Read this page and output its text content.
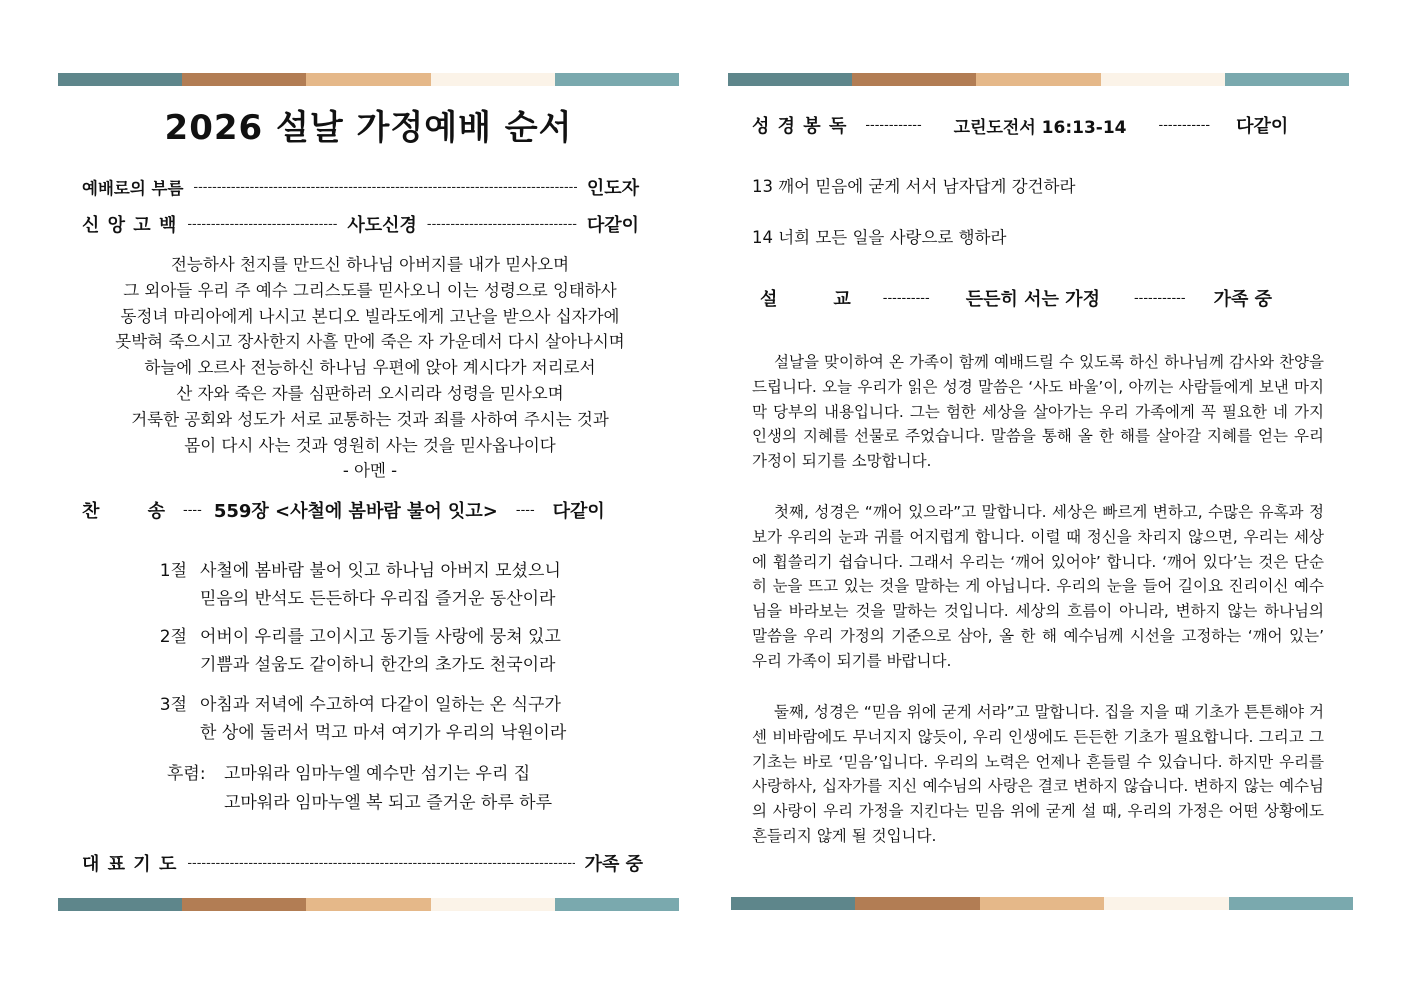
2026 설날 가정예배 순서
예배로의 부름 -----	인도자
신 앙 고 백 -----	사도신경 -----	다같이
전능하사 천지를 만드신 하나님 아버지를 내가 믿사오며
그 외아들 우리 주 예수 그리스도를 믿사오니 이는 성령으로 잉태하사
동정녀 마리아에게 나시고 본디오 빌라도에게 고난을 받으사 십자가에
못박혀 죽으시고 장사한지 사흘 만에 죽은 자 가운데서 다시 살아나시며
하늘에 오르사 전능하신 하나님 우편에 앉아 계시다가 저리로서
산 자와 죽은 자를 심판하러 오시리라 성령을 믿사오며
거룩한 공회와 성도가 서로 교통하는 것과 죄를 사하여 주시는 것과
몸이 다시 사는 것과 영원히 사는 것을 믿사옵나이다
- 아멘 -
찬 송 ---- 559장 <사철에 봄바람 불어 잇고> ---- 다같이
1절 사철에 봄바람 불어 잇고 하나님 아버지 모셨으니
믿음의 반석도 든든하다 우리집 즐거운 동산이라
2절 어버이 우리를 고이시고 동기들 사랑에 뭉쳐 있고
기쁨과 설움도 같이하니 한간의 초가도 천국이라
3절 아침과 저녁에 수고하여 다같이 일하는 온 식구가
한 상에 둘러서 먹고 마셔 여기가 우리의 낙원이라
후렴: 고마워라 임마누엘 예수만 섬기는 우리 집
고마워라 임마누엘 복 되고 즐거운 하루 하루
대 표 기 도 -----	가족 중
성 경 봉 독 ------------ 고린도전서 16:13-14 ----------- 다같이
13 깨어 믿음에 굳게 서서 남자답게 강건하라
14 너희 모든 일을 사랑으로 행하라
설	교 ---------- 든든히 서는 가정	----------- 가족 중

설날을 맞이하여 온 가족이 함께 예배드릴 수 있도록 하신 하나님께 감사와 찬양을 드립니다. 오늘 우리가 읽은 성경 말씀은 ‘사도 바울’이, 아끼는 사람들에게 보낸 마지막 당부의 내용입니다. 그는 험한 세상을 살아가는 우리 가족에게 꼭 필요한 네 가지 인생의 지혜를 선물로 주었습니다. 말씀을 통해 올 한 해를 살아갈 지혜를 얻는 우리 가정이 되기를 소망합니다.

첫째, 성경은 “깨어 있으라”고 말합니다. 세상은 빠르게 변하고, 수많은 유혹과 정보가 우리의 눈과 귀를 어지럽게 합니다. 이럴 때 정신을 차리지 않으면, 우리는 세상에 휩쓸리기 쉽습니다. 그래서 우리는 ‘깨어 있어야’ 합니다. ‘깨어 있다’는 것은 단순히 눈을 뜨고 있는 것을 말하는 게 아닙니다. 우리의 눈을 들어 길이요 진리이신 예수님을 바라보는 것을 말하는 것입니다. 세상의 흐름이 아니라, 변하지 않는 하나님의 말씀을 우리 가정의 기준으로 삼아, 올 한 해 예수님께 시선을 고정하는 ‘깨어 있는’ 우리 가족이 되기를 바랍니다.

둘째, 성경은 “믿음 위에 굳게 서라”고 말합니다. 집을 지을 때 기초가 튼튼해야 거센 비바람에도 무너지지 않듯이, 우리 인생에도 든든한 기초가 필요합니다. 그리고 그 기초는 바로 ‘믿음’입니다. 우리의 노력은 언제나 흔들릴 수 있습니다. 하지만 우리를 사랑하사, 십자가를 지신 예수님의 사랑은 결코 변하지 않습니다. 변하지 않는 예수님의 사랑이 우리 가정을 지킨다는 믿음 위에 굳게 설 때, 우리의 가정은 어떤 상황에도 흔들리지 않게 될 것입니다.
